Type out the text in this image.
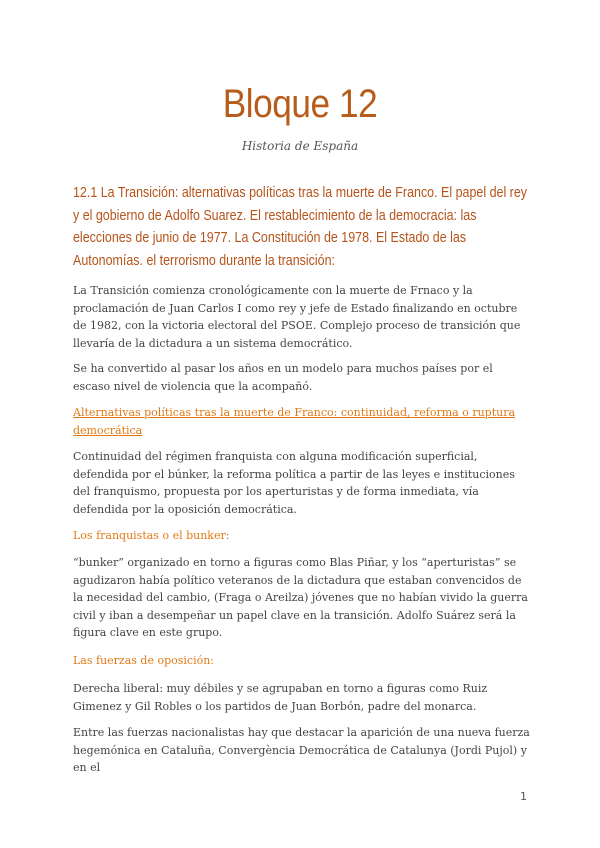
Bloque 12
Historia de España
12.1 La Transición: alternativas políticas tras la muerte de Franco. El papel del rey y el gobierno de Adolfo Suarez. El restablecimiento de la democracia: las elecciones de junio de 1977. La Constitución de 1978. El Estado de las Autonomías. el terrorismo durante la transición:

La Transición comienza cronológicamente con la muerte de Frnaco y la proclamación de Juan Carlos I como rey y jefe de Estado finalizando en octubre de 1982, con la victoria electoral del PSOE. Complejo proceso de transición que llevaría de la dictadura a un sistema democrático.

Se ha convertido al pasar los años en un modelo para muchos países por el escaso nivel de violencia que la acompañó.

Alternativas políticas tras la muerte de Franco: continuidad, reforma o ruptura democrática

Continuidad del régimen franquista con alguna modificación superficial, defendida por el búnker, la reforma política a partir de las leyes e instituciones del franquismo, propuesta por los aperturistas y de forma inmediata, vía defendida por la oposición democrática.

Los franquistas o el bunker:

“bunker” organizado en torno a figuras como Blas Piñar, y los “aperturistas” se agudizaron había político veteranos de la dictadura que estaban convencidos de la necesidad del cambio, (Fraga o Areilza) jóvenes que no habían vivido la guerra civil y iban a desempeñar un papel clave en la transición. Adolfo Suárez será la figura clave en este grupo.

Las fuerzas de oposición:

Derecha liberal: muy débiles y se agrupaban en torno a figuras como Ruiz Gimenez y Gil Robles o los partidos de Juan Borbón, padre del monarca.

Entre las fuerzas nacionalistas hay que destacar la aparición de una nueva fuerza hegemónica en Cataluña, Convergència Democrática de Catalunya (Jordi Pujol) y en el

1
